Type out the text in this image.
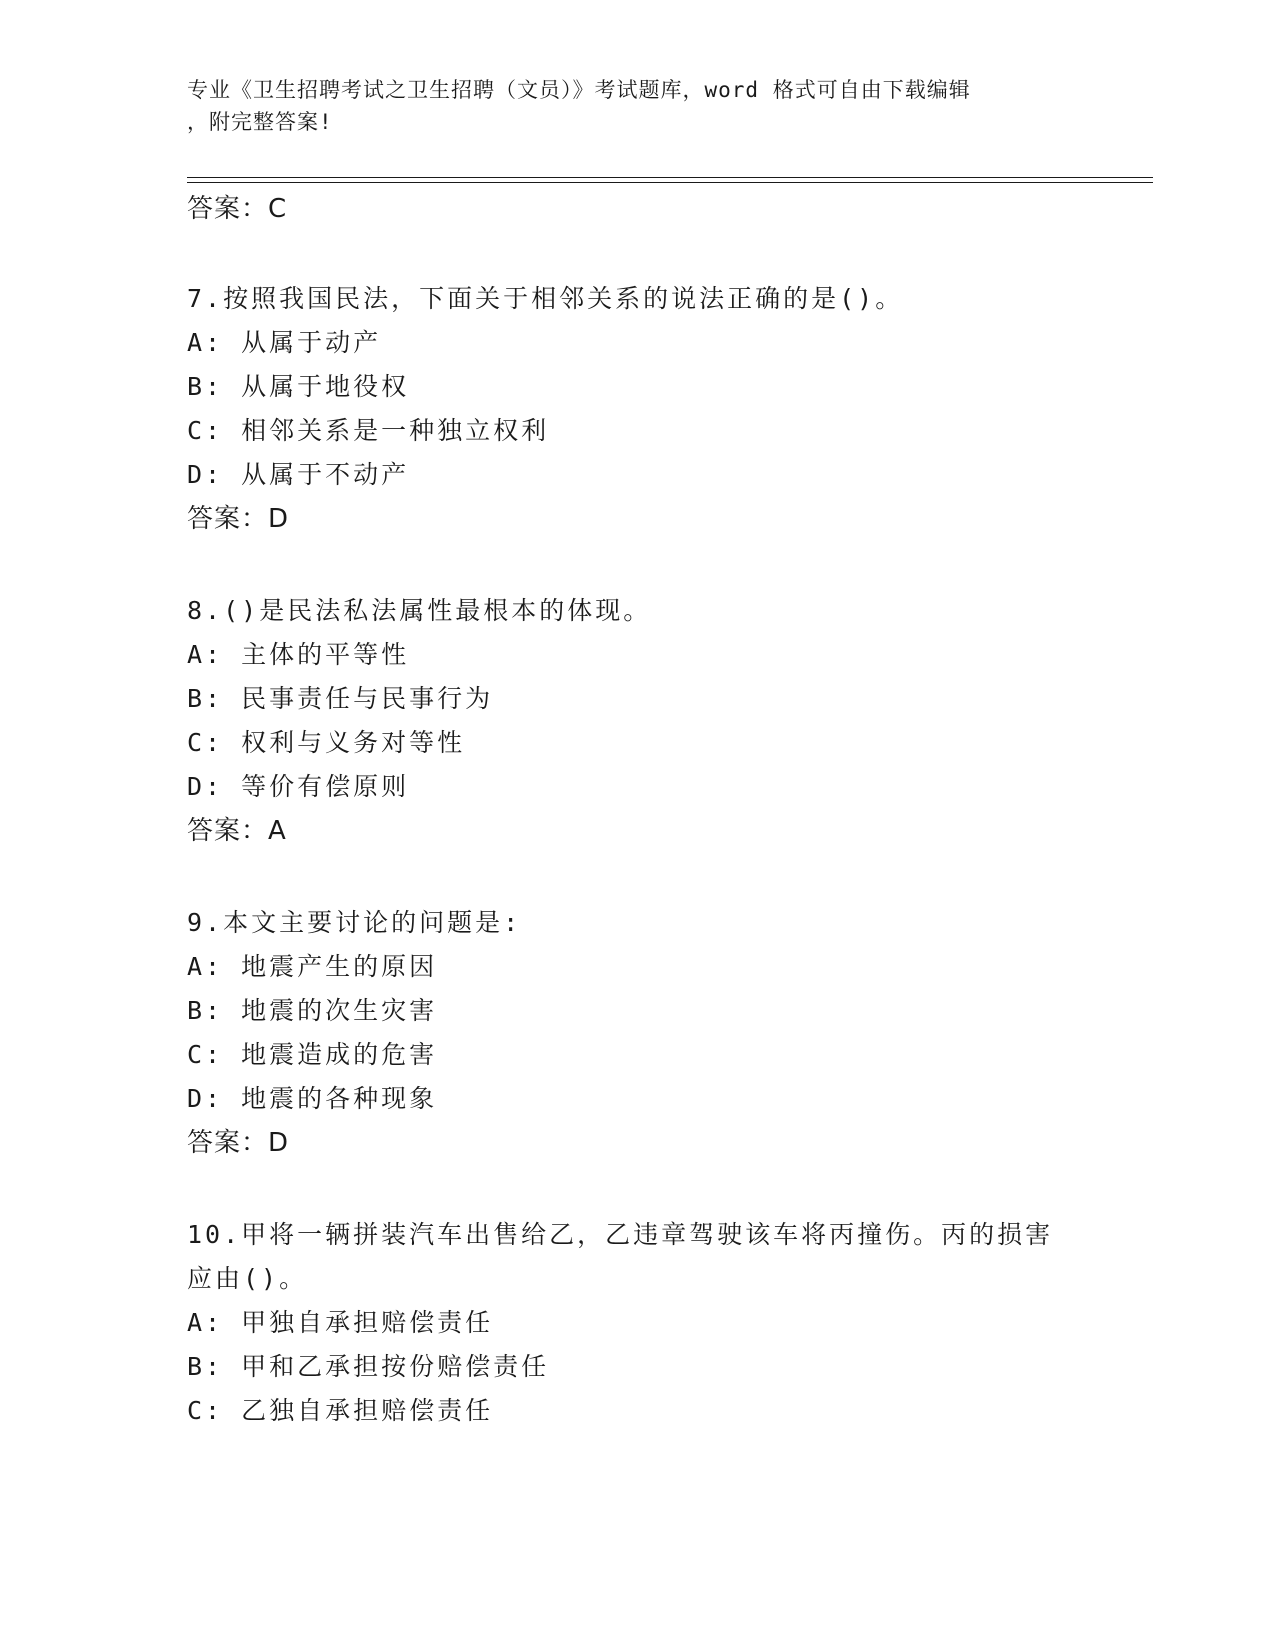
专业《卫生招聘考试之卫生招聘（文员）》考试题库，word 格式可自由下载编辑
，附完整答案!
答案：C
7.按照我国民法，下面关于相邻关系的说法正确的是()。
A: 从属于动产
B: 从属于地役权
C: 相邻关系是一种独立权利
D: 从属于不动产
答案：D
8.()是民法私法属性最根本的体现。
A: 主体的平等性
B: 民事责任与民事行为
C: 权利与义务对等性
D: 等价有偿原则
答案：A
9.本文主要讨论的问题是:
A: 地震产生的原因
B: 地震的次生灾害
C: 地震造成的危害
D: 地震的各种现象
答案：D
10.甲将一辆拼装汽车出售给乙，乙违章驾驶该车将丙撞伤。丙的损害
应由()。
A: 甲独自承担赔偿责任
B: 甲和乙承担按份赔偿责任
C: 乙独自承担赔偿责任
